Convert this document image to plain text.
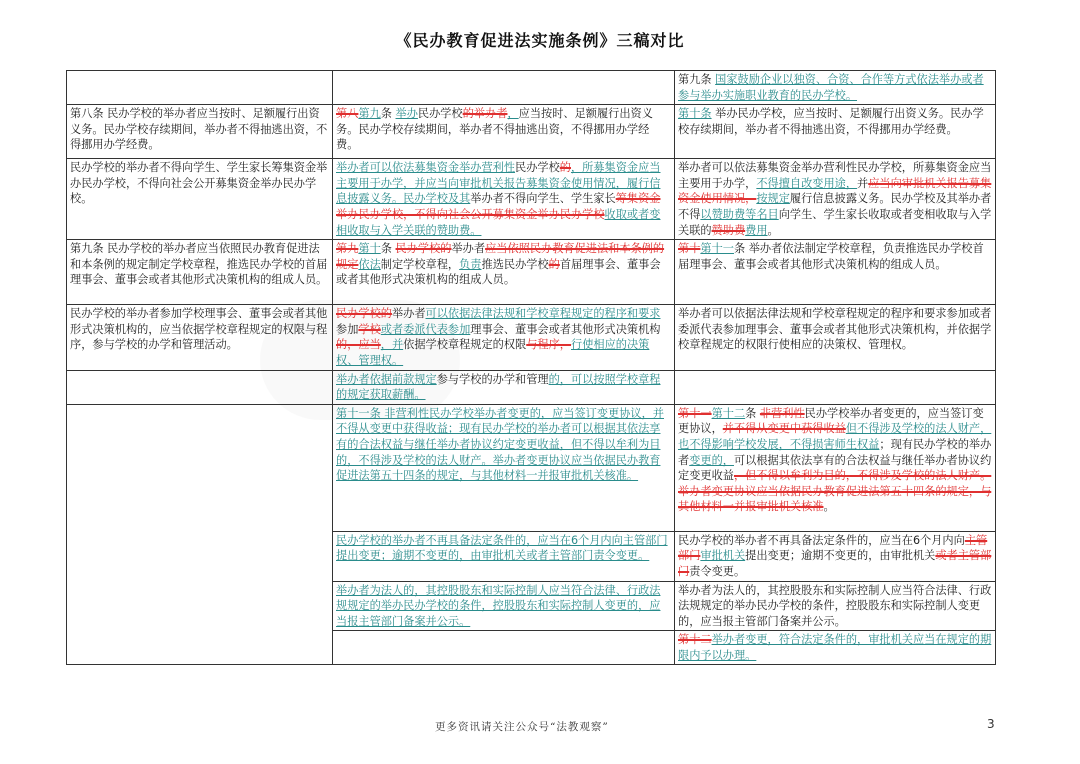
《民办教育促进法实施条例》三稿对比
		第九条 国家鼓励企业以独资、合资、合作等方式依法举办或者参与举办实施职业教育的民办学校。
第八条 民办学校的举办者应当按时、足额履行出资义务。民办学校存续期间，举办者不得抽逃出资，不得挪用办学经费。	第八第九条 举办民办学校的举办者，应当按时、足额履行出资义务。民办学校存续期间，举办者不得抽逃出资，不得挪用办学经费。	第十条 举办民办学校，应当按时、足额履行出资义务。民办学校存续期间，举办者不得抽逃出资，不得挪用办学经费。
民办学校的举办者不得向学生、学生家长筹集资金举办民办学校，不得向社会公开募集资金举办民办学校。	举办者可以依法募集资金举办营利性民办学校的，所募集资金应当主要用于办学，并应当向审批机关报告募集资金使用情况，履行信息披露义务。民办学校及其举办者不得向学生、学生家长筹集资金举办民办学校，不得向社会公开募集资金举办民办学校收取或者变相收取与入学关联的赞助费。	举办者可以依法募集资金举办营利性民办学校，所募集资金应当主要用于办学，不得擅自改变用途，并应当向审批机关报告募集资金使用情况，按规定履行信息披露义务。民办学校及其举办者不得以赞助费等名目向学生、学生家长收取或者变相收取与入学关联的赞助费费用。
第九条 民办学校的举办者应当依照民办教育促进法和本条例的规定制定学校章程，推选民办学校的首届理事会、董事会或者其他形式决策机构的组成人员。	第九第十条 民办学校的举办者应当依照民办教育促进法和本条例的规定依法制定学校章程，负责推选民办学校的首届理事会、董事会或者其他形式决策机构的组成人员。	第十第十一条 举办者依法制定学校章程，负责推选民办学校首届理事会、董事会或者其他形式决策机构的组成人员。
民办学校的举办者参加学校理事会、董事会或者其他形式决策机构的，应当依据学校章程规定的权限与程序，参与学校的办学和管理活动。	民办学校的举办者可以依据法律法规和学校章程规定的程序和要求参加学校或者委派代表参加理事会、董事会或者其他形式决策机构的，应当，并依据学校章程规定的权限与程序，行使相应的决策权、管理权。	举办者可以依据法律法规和学校章程规定的程序和要求参加或者委派代表参加理事会、董事会或者其他形式决策机构，并依据学校章程规定的权限行使相应的决策权、管理权。
	举办者依据前款规定参与学校的办学和管理的，可以按照学校章程的规定获取薪酬。	
	第十一条 非营利性民办学校举办者变更的，应当签订变更协议，并不得从变更中获得收益；现有民办学校的举办者可以根据其依法享有的合法权益与继任举办者协议约定变更收益，但不得以牟利为目的，不得涉及学校的法人财产。举办者变更协议应当依据民办教育促进法第五十四条的规定，与其他材料一并报审批机关核准。	第十一第十二条 非营利性民办学校举办者变更的，应当签订变更协议，并不得从变更中获得收益但不得涉及学校的法人财产，也不得影响学校发展，不得损害师生权益；现有民办学校的举办者变更的，可以根据其依法享有的合法权益与继任举办者协议约定变更收益，但不得以牟利为目的，不得涉及学校的法人财产。举办者变更协议应当依据民办教育促进法第五十四条的规定，与其他材料一并报审批机关核准。
	民办学校的举办者不再具备法定条件的，应当在6个月内向主管部门提出变更；逾期不变更的，由审批机关或者主管部门责令变更。	民办学校的举办者不再具备法定条件的，应当在6个月内向主管部门审批机关提出变更；逾期不变更的，由审批机关或者主管部门责令变更。
	举办者为法人的，其控股股东和实际控制人应当符合法律、行政法规规定的举办民办学校的条件，控股股东和实际控制人变更的，应当报主管部门备案并公示。	举办者为法人的，其控股股东和实际控制人应当符合法律、行政法规规定的举办民办学校的条件，控股股东和实际控制人变更的，应当报主管部门备案并公示。
		第十二举办者变更，符合法定条件的，审批机关应当在规定的期限内予以办理。
更多资讯请关注公众号“法教观察”	3
